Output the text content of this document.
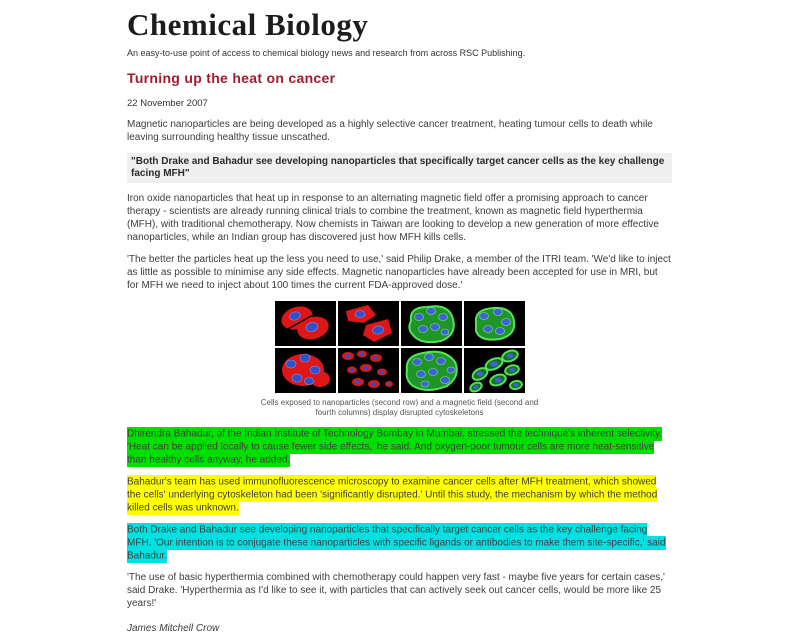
Chemical Biology
An easy-to-use point of access to chemical biology news and research from across RSC Publishing.
Turning up the heat on cancer
22 November 2007

Magnetic nanoparticles are being developed as a highly selective cancer treatment, heating tumour cells to death while leaving surrounding healthy tissue unscathed.

"Both Drake and Bahadur see developing nanoparticles that specifically target cancer cells as the key challenge facing MFH"

Iron oxide nanoparticles that heat up in response to an alternating magnetic field offer a promising approach to cancer therapy - scientists are already running clinical trials to combine the treatment, known as magnetic field hyperthermia (MFH), with traditional chemotherapy. Now chemists in Taiwan are looking to develop a new generation of more effective nanoparticles, while an Indian group has discovered just how MFH kills cells.

'The better the particles heat up the less you need to use,' said Philip Drake, a member of the ITRI team. 'We'd like to inject as little as possible to minimise any side effects. Magnetic nanoparticles have already been accepted for use in MRI, but for MFH we need to inject about 100 times the current FDA-approved dose.'

Cells exposed to nanoparticles (second row) and a magnetic field (second and fourth columns) display disrupted cytoskeletons

Dhirendra Bahadur, of the Indian Institute of Technology Bombay in Mumbai, stressed the technique's inherent selectivity. 'Heat can be applied locally to cause fewer side effects,' he said. And oxygen-poor tumour cells are more heat-sensitive than healthy cells anyway, he added.

Bahadur's team has used immunofluorescence microscopy to examine cancer cells after MFH treatment, which showed the cells' underlying cytoskeleton had been 'significantly disrupted.' Until this study, the mechanism by which the method killed cells was unknown.

Both Drake and Bahadur see developing nanoparticles that specifically target cancer cells as the key challenge facing MFH. 'Our intention is to conjugate these nanoparticles with specific ligands or antibodies to make them site-specific,' said Bahadur.

'The use of basic hyperthermia combined with chemotherapy could happen very fast - maybe five years for certain cases,' said Drake. 'Hyperthermia as I'd like to see it, with particles that can actively seek out cancer cells, would be more like 25 years!'

James Mitchell Crow
